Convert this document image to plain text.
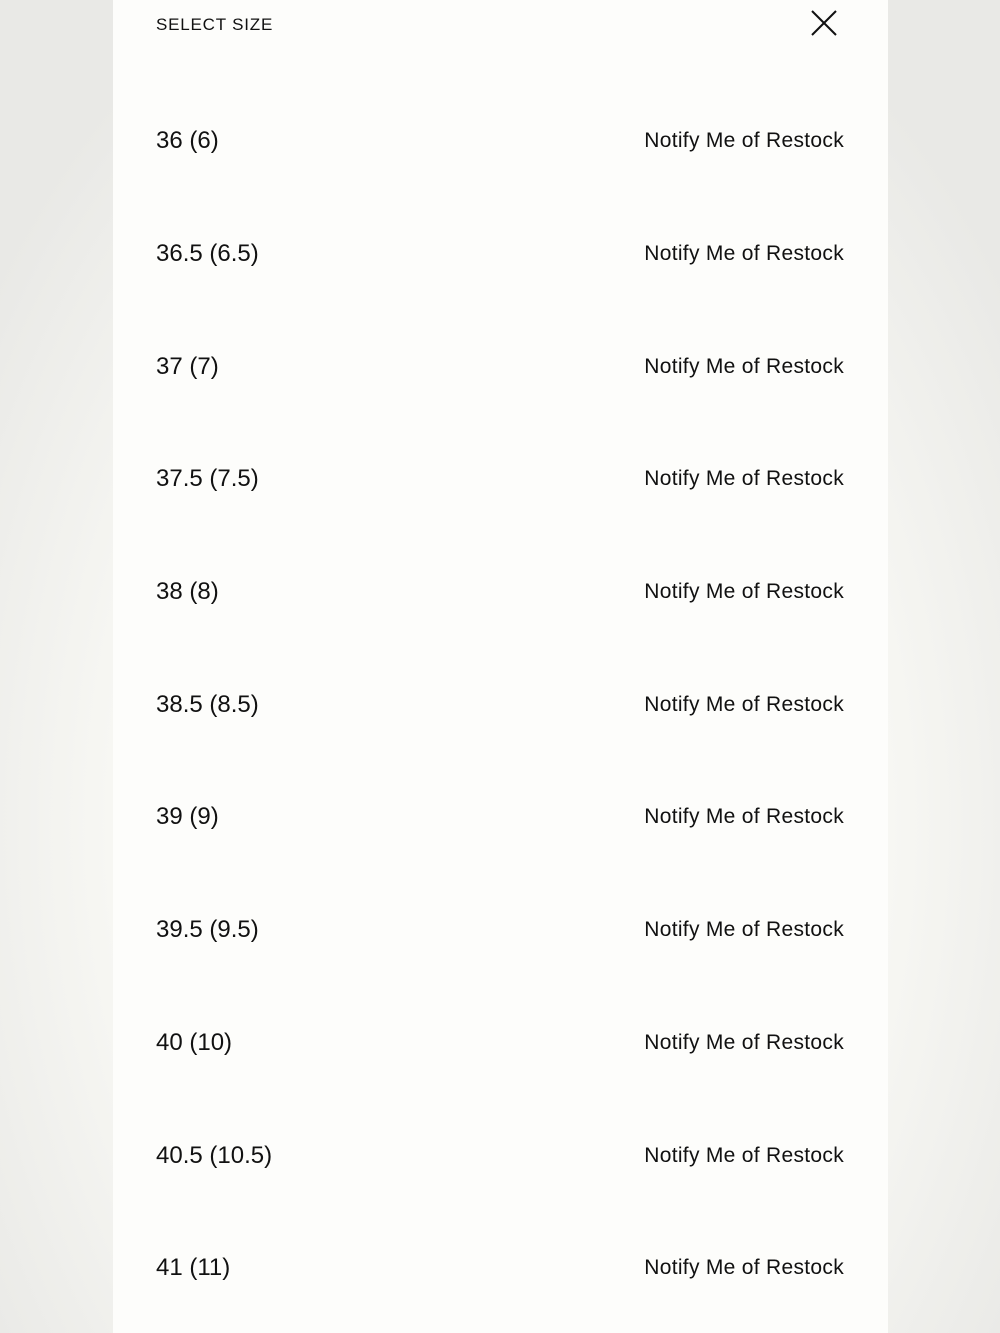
SELECT SIZE
36 (6)	Notify Me of Restock
36.5 (6.5)	Notify Me of Restock
37 (7)	Notify Me of Restock
37.5 (7.5)	Notify Me of Restock
38 (8)	Notify Me of Restock
38.5 (8.5)	Notify Me of Restock
39 (9)	Notify Me of Restock
39.5 (9.5)	Notify Me of Restock
40 (10)	Notify Me of Restock
40.5 (10.5)	Notify Me of Restock
41 (11)	Notify Me of Restock
